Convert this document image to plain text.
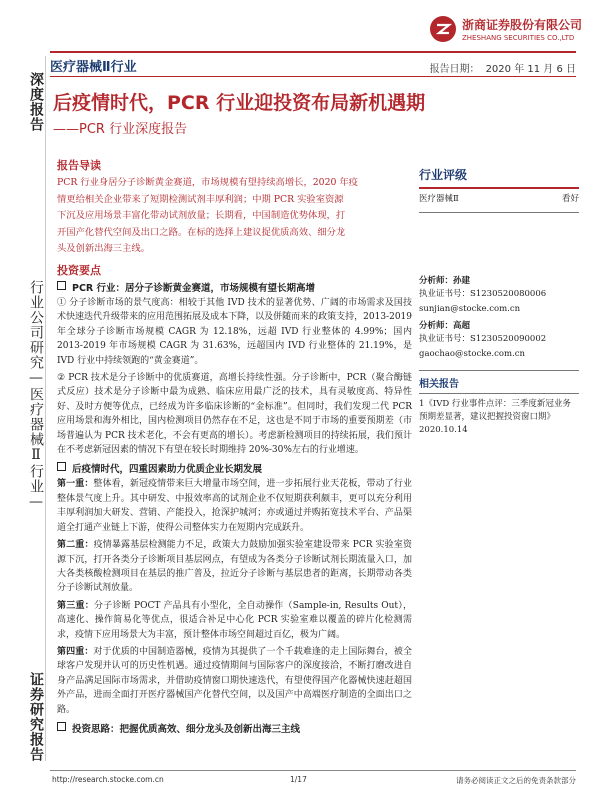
深度报告
行业公司研究—医疗器械Ⅱ行业—
证券研究报告
浙商证券股份有限公司
ZHESHANG SECURITIES CO.,LTD
医疗器械Ⅱ行业	报告日期： 2020 年 11 月 6 日
后疫情时代，PCR 行业迎投资布局新机遇期
——PCR 行业深度报告
报告导读
PCR 行业身居分子诊断黄金赛道，市场规模有望持续高增长，2020 年疫
情更给相关企业带来了短期检测试剂丰厚利润；中期 PCR 实验室资源
下沉及应用场景丰富化带动试剂放量；长期看，中国制造优势体现，打
开国产化替代空间及出口之路。在标的选择上建议捉优质高效、细分龙
头及创新出海三主线。
投资要点
PCR 行业：居分子诊断黄金赛道，市场规模有望长期高增
① 分子诊断市场的景气度高：相较于其他 IVD 技术的显著优势、广阔的市场需求及国技术快速迭代升级带来的应用范围拓展及成本下降，以及併随而来的政策支持，2013-2019 年全球分子诊断市场规模 CAGR 为 12.18%，远超 IVD 行业整体的 4.99%；国内 2013-2019 年市场规模 CAGR 为 31.63%，远超国内 IVD 行业整体的 21.19%，是 IVD 行业中持续领跑的“黄金赛道”。
② PCR 技术是分子诊断中的优质赛道，高增长持续性强。分子诊断中，PCR（聚合酶链式反应）技术是分子诊断中最为成熟、临床应用最广泛的技术，具有灵敏度高、特异性好、及时方便等优点，已经成为许多临床诊断的“金标准”。但同时，我们发现二代 PCR 应用场景和海外相比，国内检测项目仍然存在不足，这也是不同于市场的重要预期差（市场普遍认为 PCR 技术老化，不会有更高的增长）。考虑新检测项目的持续拓展，我们预计在不考虑新冠因素的情况下有望在较长时期维持 20%-30%左右的行业增速。
后疫情时代，四重因素助力优质企业长期发展
第一重：整体看，新冠疫情带来巨大增量市场空间，进一步拓展行业天花板，带动了行业整体景气度上升。其中研发、中报效率高的试剂企业不仅短期获利颇丰，更可以充分利用丰厚利润加大研发、营销、产能投入，抢深护城河；亦或通过并购拓宽技术平台、产品渠道全打通产业链上下游，使得公司整体实力在短期内完成跃升。
第二重：疫情暴露基层检测能力不足，政策大力鼓励加强实验室建设带来 PCR 实验室资源下沉，打开各类分子诊断项目基层网点，有望成为各类分子诊断试剂长期流量入口，加大各类核酸检测项目在基层的推广普及，拉近分子诊断与基层患者的距离，长期带动各类分子诊断试剂放量。
第三重：分子诊断 POCT 产品具有小型化，全自动操作（Sample-in, Results Out），高速化、操作简易化等优点，很适合补足中心化 PCR 实验室难以覆盖的碎片化检测需求，疫情下应用场景大为丰富，预计整体市场空间超过百亿，极为广阔。
第四重：对于优质的中国制造器械，疫情为其提供了一个千载难逢的走上国际舞台，被全球客户发现并认可的历史性机遇。通过疫情期间与国际客户的深度接洽，不断打磨改进自身产品满足国际市场需求，并借助疫情窗口期快速迭代，有望使得国产化器械快速赶超国外产品，进而全面打开医疗器械国产化替代空间，以及国产中高端医疗制造的全面出口之路。
投资思路：把握优质高效、细分龙头及创新出海三主线
行业评级
医疗器械Ⅱ	看好
分析师：孙建
执业证书号：S1230520080006
sunjian@stocke.com.cn
分析师：高超
执业证书号：S1230520090002
gaochao@stocke.com.cn
相关报告
1《IVD 行业事件点评：三季度新冠业务预期差显著，建议把握投资窗口期》
2020.10.14
http://research.stocke.com.cn	1/17	请务必阅读正文之后的免责条款部分
